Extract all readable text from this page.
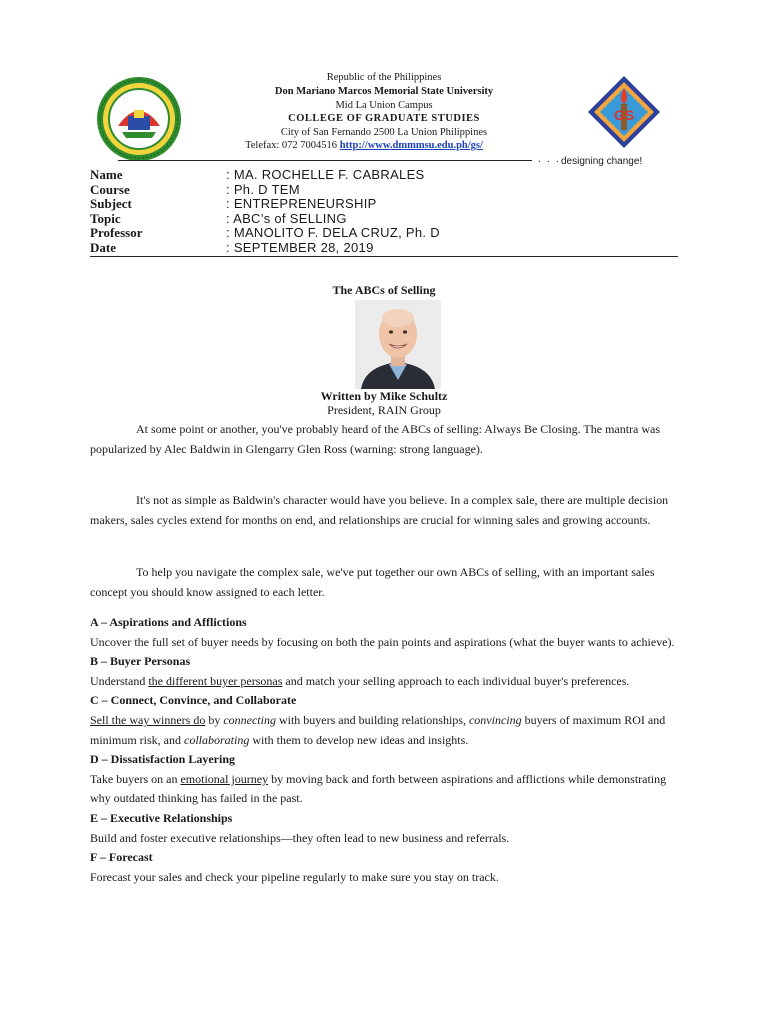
GS
Republic of the Philippines
Don Mariano Marcos Memorial State University
Mid La Union Campus
COLLEGE OF GRADUATE STUDIES
City of San Fernando 2500 La Union Philippines
Telefax: 072 7004516 http://www.dmmmsu.edu.ph/gs/
. . . designing change!
Name	: MA. ROCHELLE F. CABRALES
Course	: Ph. D TEM
Subject	: ENTREPRENEURSHIP
Topic	: ABC’s of SELLING
Professor	: MANOLITO F. DELA CRUZ, Ph. D
Date	: SEPTEMBER 28, 2019
The ABCs of Selling
Written by Mike Schultz
President, RAIN Group
At some point or another, you've probably heard of the ABCs of selling: Always Be Closing. The mantra was popularized by Alec Baldwin in Glengarry Glen Ross (warning: strong language).
It's not as simple as Baldwin's character would have you believe. In a complex sale, there are multiple decision makers, sales cycles extend for months on end, and relationships are crucial for winning sales and growing accounts.
To help you navigate the complex sale, we've put together our own ABCs of selling, with an important sales concept you should know assigned to each letter.
A – Aspirations and Afflictions
Uncover the full set of buyer needs by focusing on both the pain points and aspirations (what the buyer wants to achieve).
B – Buyer Personas
Understand the different buyer personas and match your selling approach to each individual buyer's preferences.
C – Connect, Convince, and Collaborate
Sell the way winners do by connecting with buyers and building relationships, convincing buyers of maximum ROI and minimum risk, and collaborating with them to develop new ideas and insights.
D – Dissatisfaction Layering
Take buyers on an emotional journey by moving back and forth between aspirations and afflictions while demonstrating why outdated thinking has failed in the past.
E – Executive Relationships
Build and foster executive relationships—they often lead to new business and referrals.
F – Forecast
Forecast your sales and check your pipeline regularly to make sure you stay on track.
